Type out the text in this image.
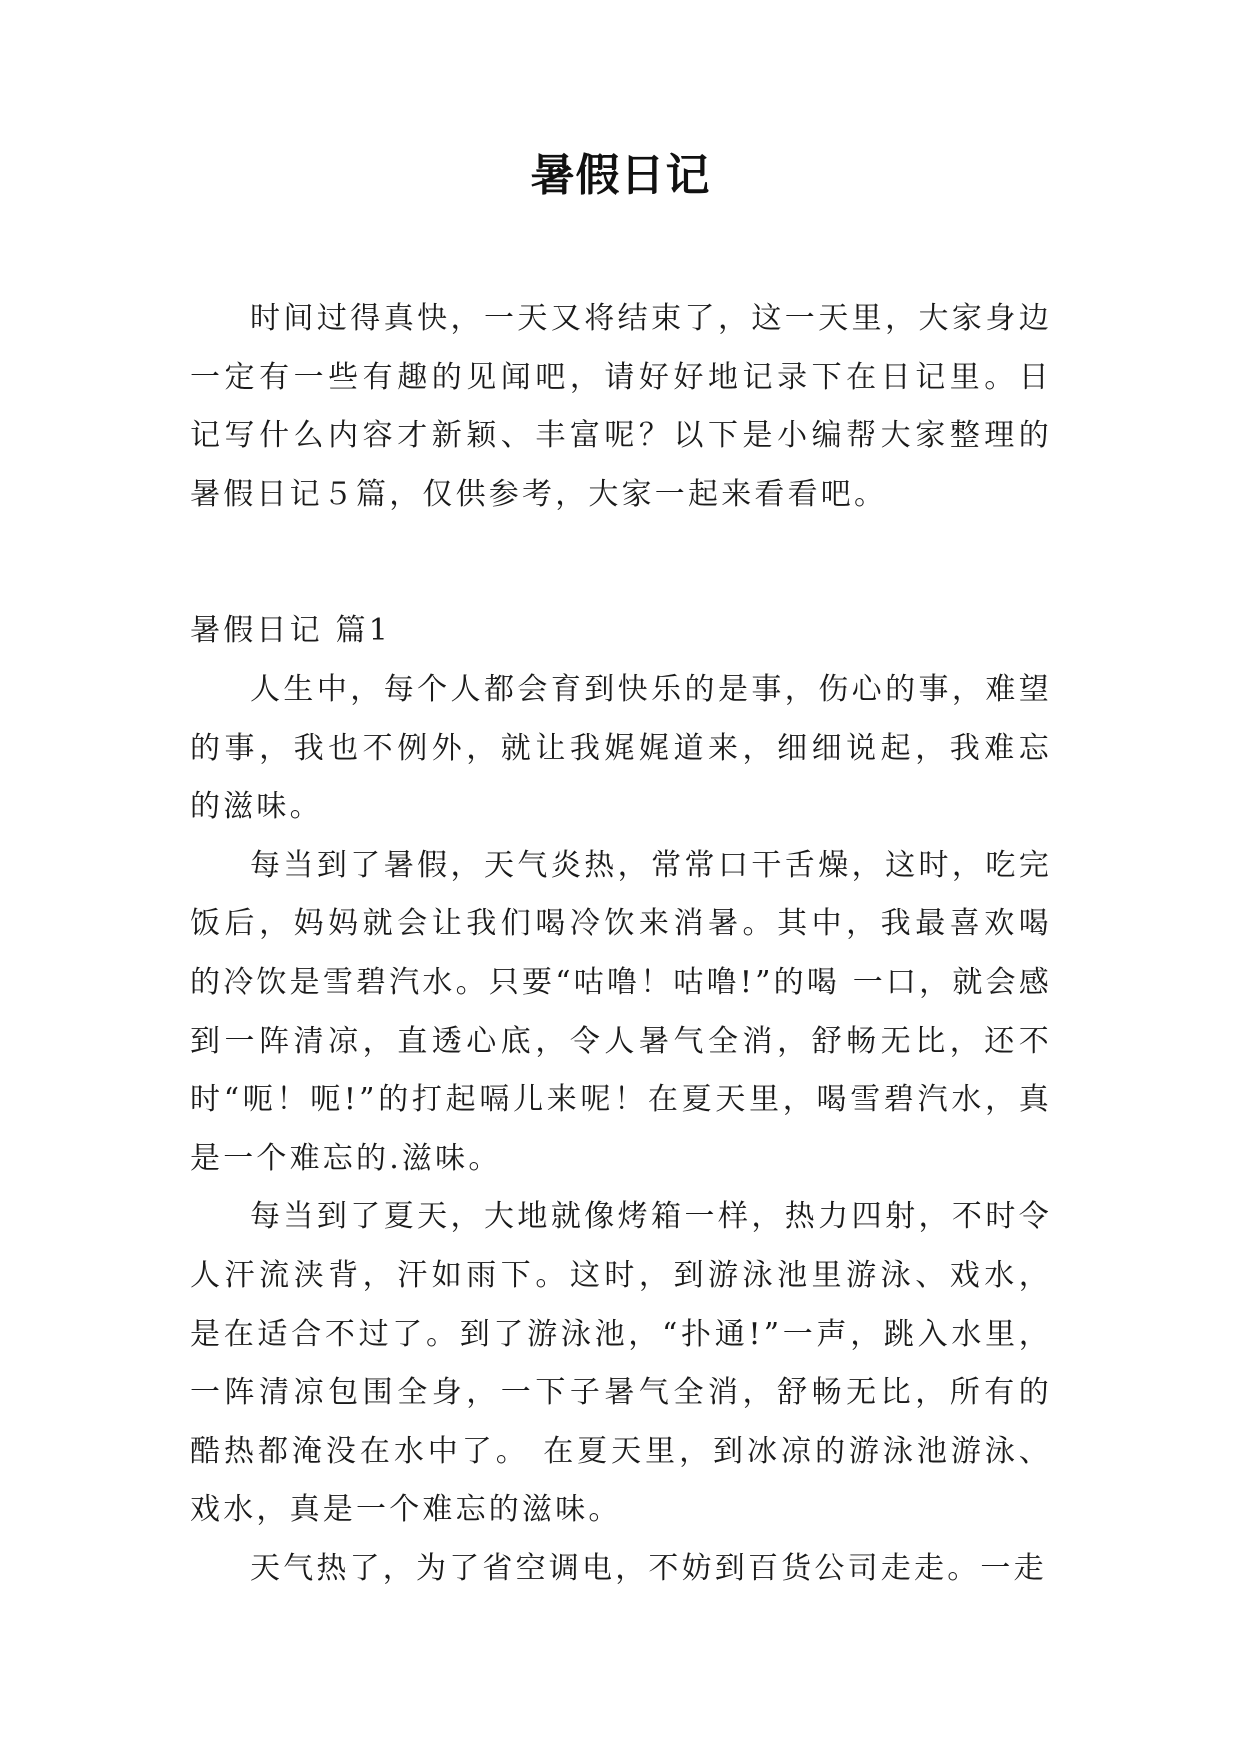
暑假日记

时间过得真快，一天又将结束了，这一天里，大家身边一定有一些有趣的见闻吧，请好好地记录下在日记里。日记写什么内容才新颖、丰富呢？以下是小编帮大家整理的暑假日记５篇，仅供参考，大家一起来看看吧。

暑假日记 篇1

人生中，每个人都会育到快乐的是事，伤心的事，难望的事，我也不例外，就让我娓娓道来，细细说起，我难忘的滋味。

每当到了暑假，天气炎热，常常口干舌燥，这时，吃完饭后，妈妈就会让我们喝冷饮来消暑。其中，我最喜欢喝的冷饮是雪碧汽水。只要“咕噜！咕噜!”的喝 一口，就会感到一阵清凉，直透心底，令人暑气全消，舒畅无比，还不时“呃！呃!”的打起嗝儿来呢！在夏天里，喝雪碧汽水，真是一个难忘的.滋味。

每当到了夏天，大地就像烤箱一样，热力四射，不时令人汗流浃背，汗如雨下。这时，到游泳池里游泳、戏水，是在适合不过了。到了游泳池，“扑通!”一声，跳入水里，一阵清凉包围全身，一下子暑气全消，舒畅无比，所有的酷热都淹没在水中了。 在夏天里，到冰凉的游泳池游泳、戏水，真是一个难忘的滋味。

天气热了，为了省空调电，不妨到百货公司走走。一走
